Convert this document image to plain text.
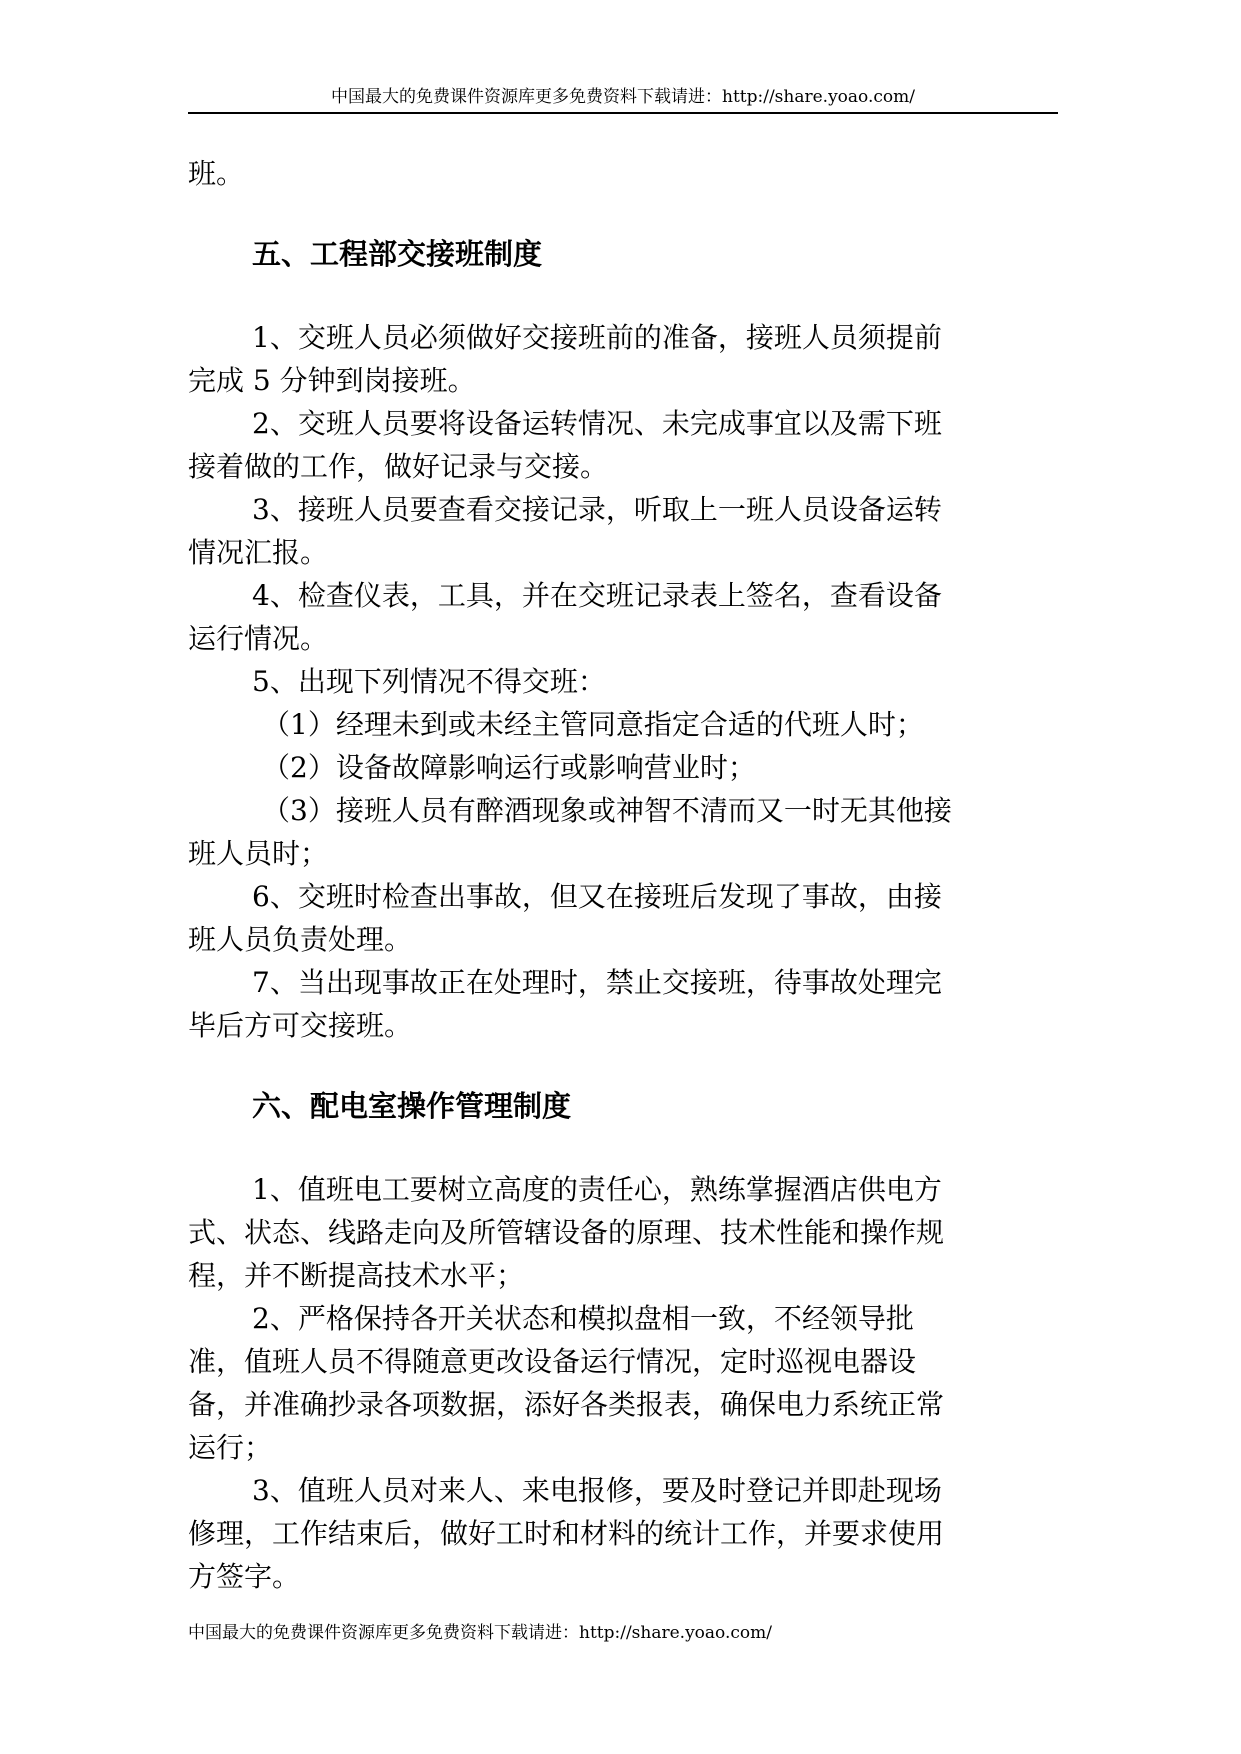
中国最大的免费课件资源库更多免费资料下载请进：http://share.yoao.com/

班。

五、工程部交接班制度

1、交班人员必须做好交接班前的准备，接班人员须提前

完成 5 分钟到岗接班。

2、交班人员要将设备运转情况、未完成事宜以及需下班

接着做的工作，做好记录与交接。

3、接班人员要查看交接记录，听取上一班人员设备运转

情况汇报。

4、检查仪表，工具，并在交班记录表上签名，查看设备

运行情况。

5、出现下列情况不得交班：

（1）经理未到或未经主管同意指定合适的代班人时；

（2）设备故障影响运行或影响营业时；

（3）接班人员有醉酒现象或神智不清而又一时无其他接

班人员时；

6、交班时检查出事故，但又在接班后发现了事故，由接

班人员负责处理。

7、当出现事故正在处理时，禁止交接班，待事故处理完

毕后方可交接班。

六、配电室操作管理制度

1、值班电工要树立高度的责任心，熟练掌握酒店供电方

式、状态、线路走向及所管辖设备的原理、技术性能和操作规

程，并不断提高技术水平；

2、严格保持各开关状态和模拟盘相一致，不经领导批

准，值班人员不得随意更改设备运行情况，定时巡视电器设

备，并准确抄录各项数据，添好各类报表，确保电力系统正常

运行；

3、值班人员对来人、来电报修，要及时登记并即赴现场

修理，工作结束后，做好工时和材料的统计工作，并要求使用

方签字。

中国最大的免费课件资源库更多免费资料下载请进：http://share.yoao.com/
